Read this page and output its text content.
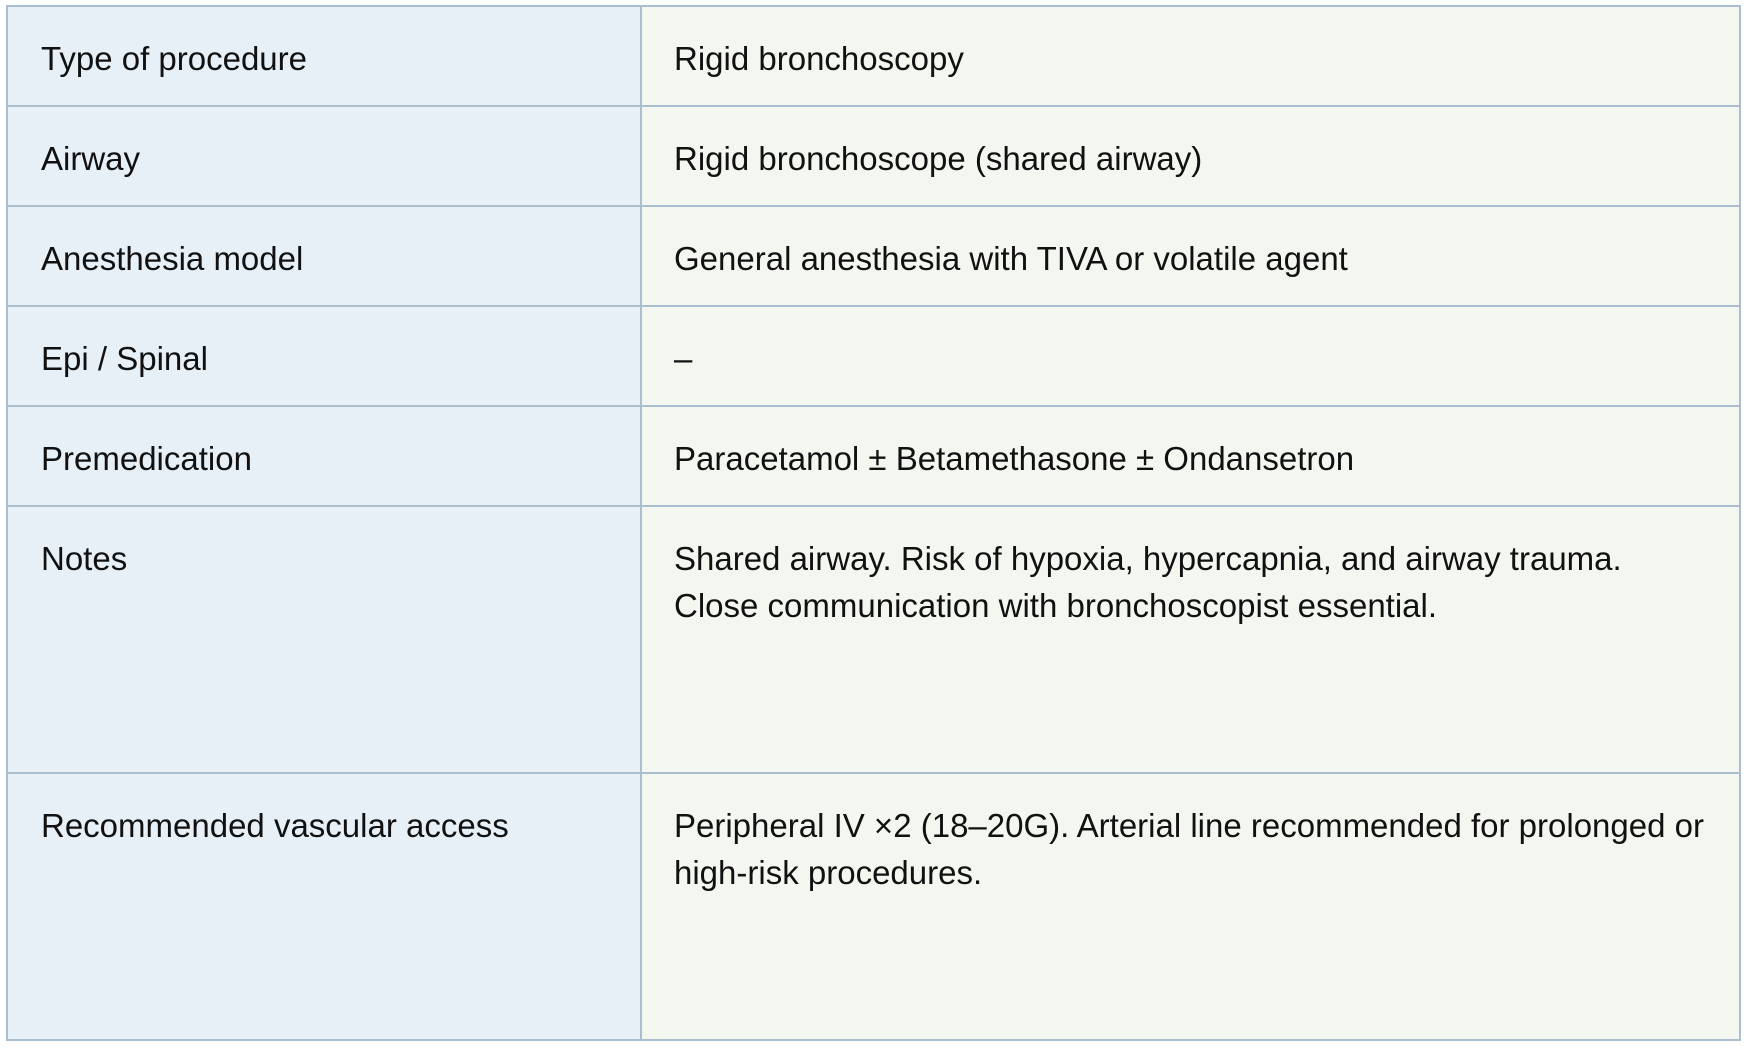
Type of procedure	Rigid bronchoscopy
Airway	Rigid bronchoscope (shared airway)
Anesthesia model	General anesthesia with TIVA or volatile agent
Epi / Spinal	–
Premedication	Paracetamol ± Betamethasone ± Ondansetron
Notes	Shared airway. Risk of hypoxia, hypercapnia, and airway trauma. Close communication with bronchoscopist essential.
Recommended vascular access	Peripheral IV ×2 (18–20G). Arterial line recommended for prolonged or high-risk procedures.
